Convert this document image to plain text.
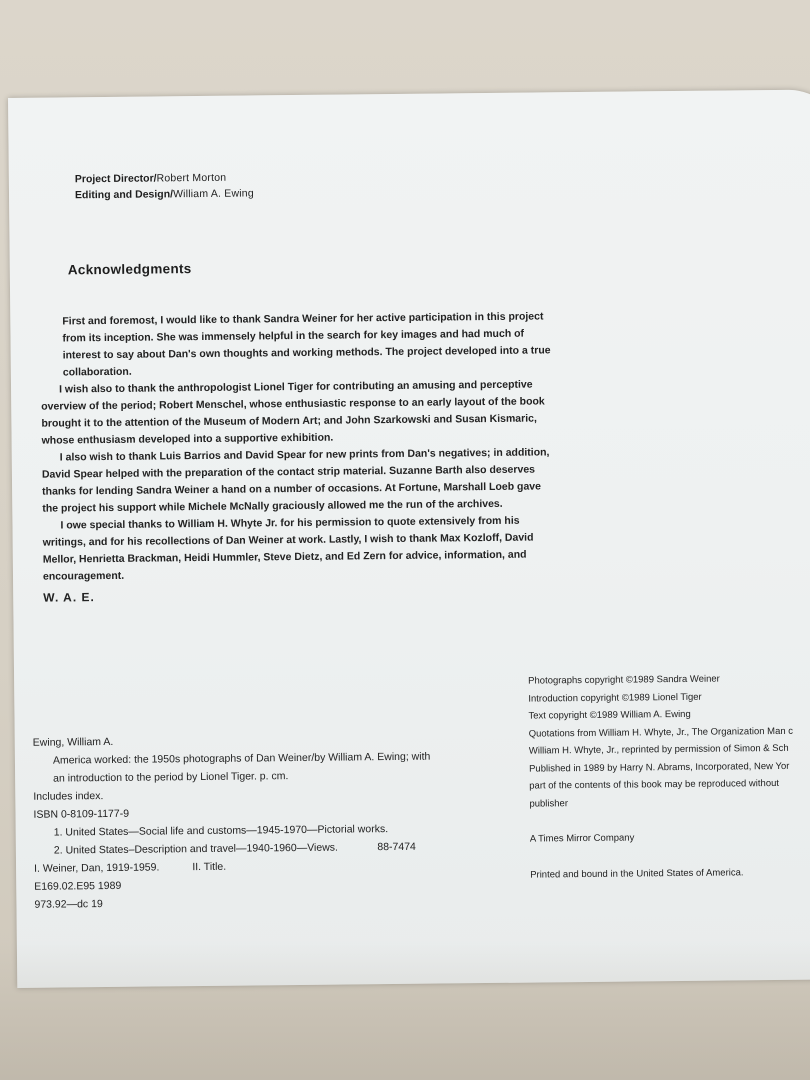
Project Director/Robert Morton
Editing and Design/William A. Ewing
Acknowledgments

First and foremost, I would like to thank Sandra Weiner for her active participation in this project from its inception. She was immensely helpful in the search for key images and had much of interest to say about Dan's own thoughts and working methods. The project developed into a true collaboration.

I wish also to thank the anthropologist Lionel Tiger for contributing an amusing and perceptive overview of the period; Robert Menschel, whose enthusiastic response to an early layout of the book brought it to the attention of the Museum of Modern Art; and John Szarkowski and Susan Kismaric, whose enthusiasm developed into a supportive exhibition.

I also wish to thank Luis Barrios and David Spear for new prints from Dan's negatives; in addition, David Spear helped with the preparation of the contact strip material. Suzanne Barth also deserves thanks for lending Sandra Weiner a hand on a number of occasions. At Fortune, Marshall Loeb gave the project his support while Michele McNally graciously allowed me the run of the archives.

I owe special thanks to William H. Whyte Jr. for his permission to quote extensively from his writings, and for his recollections of Dan Weiner at work. Lastly, I wish to thank Max Kozloff, David Mellor, Henrietta Brackman, Heidi Hummler, Steve Dietz, and Ed Zern for advice, information, and encouragement.

W. A. E.
Ewing, William A.
America worked: the 1950s photographs of Dan Weiner/by William A. Ewing; with
an introduction to the period by Lionel Tiger. p. cm.
Includes index.
ISBN 0-8109-1177-9
1. United States—Social life and customs—1945-1970—Pictorial works.
2. United States–Description and travel—1940-1960—Views.	88-7474
I. Weiner, Dan, 1919-1959.	II. Title.
E169.02.E95 1989
973.92—dc 19
Photographs copyright ©1989 Sandra Weiner
Introduction copyright ©1989 Lionel Tiger
Text copyright ©1989 William A. Ewing
Quotations from William H. Whyte, Jr., The Organization Man c
William H. Whyte, Jr., reprinted by permission of Simon & Sch
Published in 1989 by Harry N. Abrams, Incorporated, New Yor
part of the contents of this book may be reproduced without
publisher
A Times Mirror Company
Printed and bound in the United States of America.
